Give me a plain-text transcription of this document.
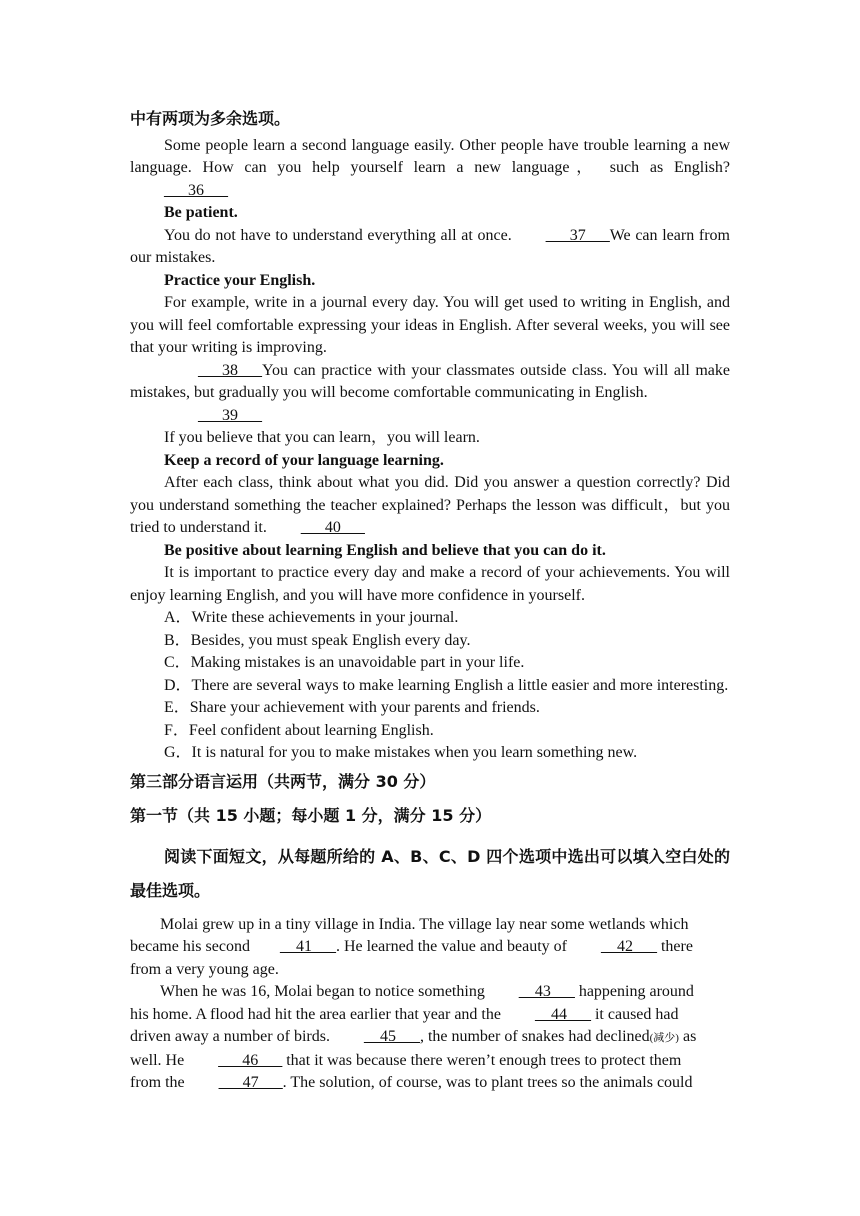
中有两项为多余选项。

Some people learn a second language easily. Other people have trouble learning a new language. How can you help yourself learn a new language， such as English? ___36___

Be patient.

You do not have to understand everything all at once. ___37___We can learn from our mistakes.

Practice your English.

For example, write in a journal every day. You will get used to writing in English, and you will feel comfortable expressing your ideas in English. After several weeks, you will see that your writing is improving.

___38___You can practice with your classmates outside class. You will all make mistakes, but gradually you will become comfortable communicating in English.

___39___

If you believe that you can learn，you will learn.

Keep a record of your language learning.

After each class, think about what you did. Did you answer a question correctly? Did you understand something the teacher explained? Perhaps the lesson was difficult，but you tried to understand it. ___40___

Be positive about learning English and believe that you can do it.

It is important to practice every day and make a record of your achievements. You will enjoy learning English, and you will have more confidence in yourself.

A．Write these achievements in your journal.

B．Besides, you must speak English every day.

C．Making mistakes is an unavoidable part in your life.

D．There are several ways to make learning English a little easier and more interesting.

E．Share your achievement with your parents and friends.

F．Feel confident about learning English.

G．It is natural for you to make mistakes when you learn something new.

第三部分语言运用（共两节，满分 30 分）

第一节（共 15 小题；每小题 1 分，满分 15 分）

阅读下面短文，从每题所给的 A、B、C、D 四个选项中选出可以填入空白处的最佳选项。

Molai grew up in a tiny village in India. The village lay near some wetlands which became his second __41___. He learned the value and beauty of __42___ there from a very young age.

When he was 16, Molai began to notice something __43___ happening around his home. A flood had hit the area earlier that year and the __44___ it caused had driven away a number of birds. __45___, the number of snakes had declined(减少) as well. He ___46___ that it was because there weren’t enough trees to protect them from the ___47___. The solution, of course, was to plant trees so the animals could
